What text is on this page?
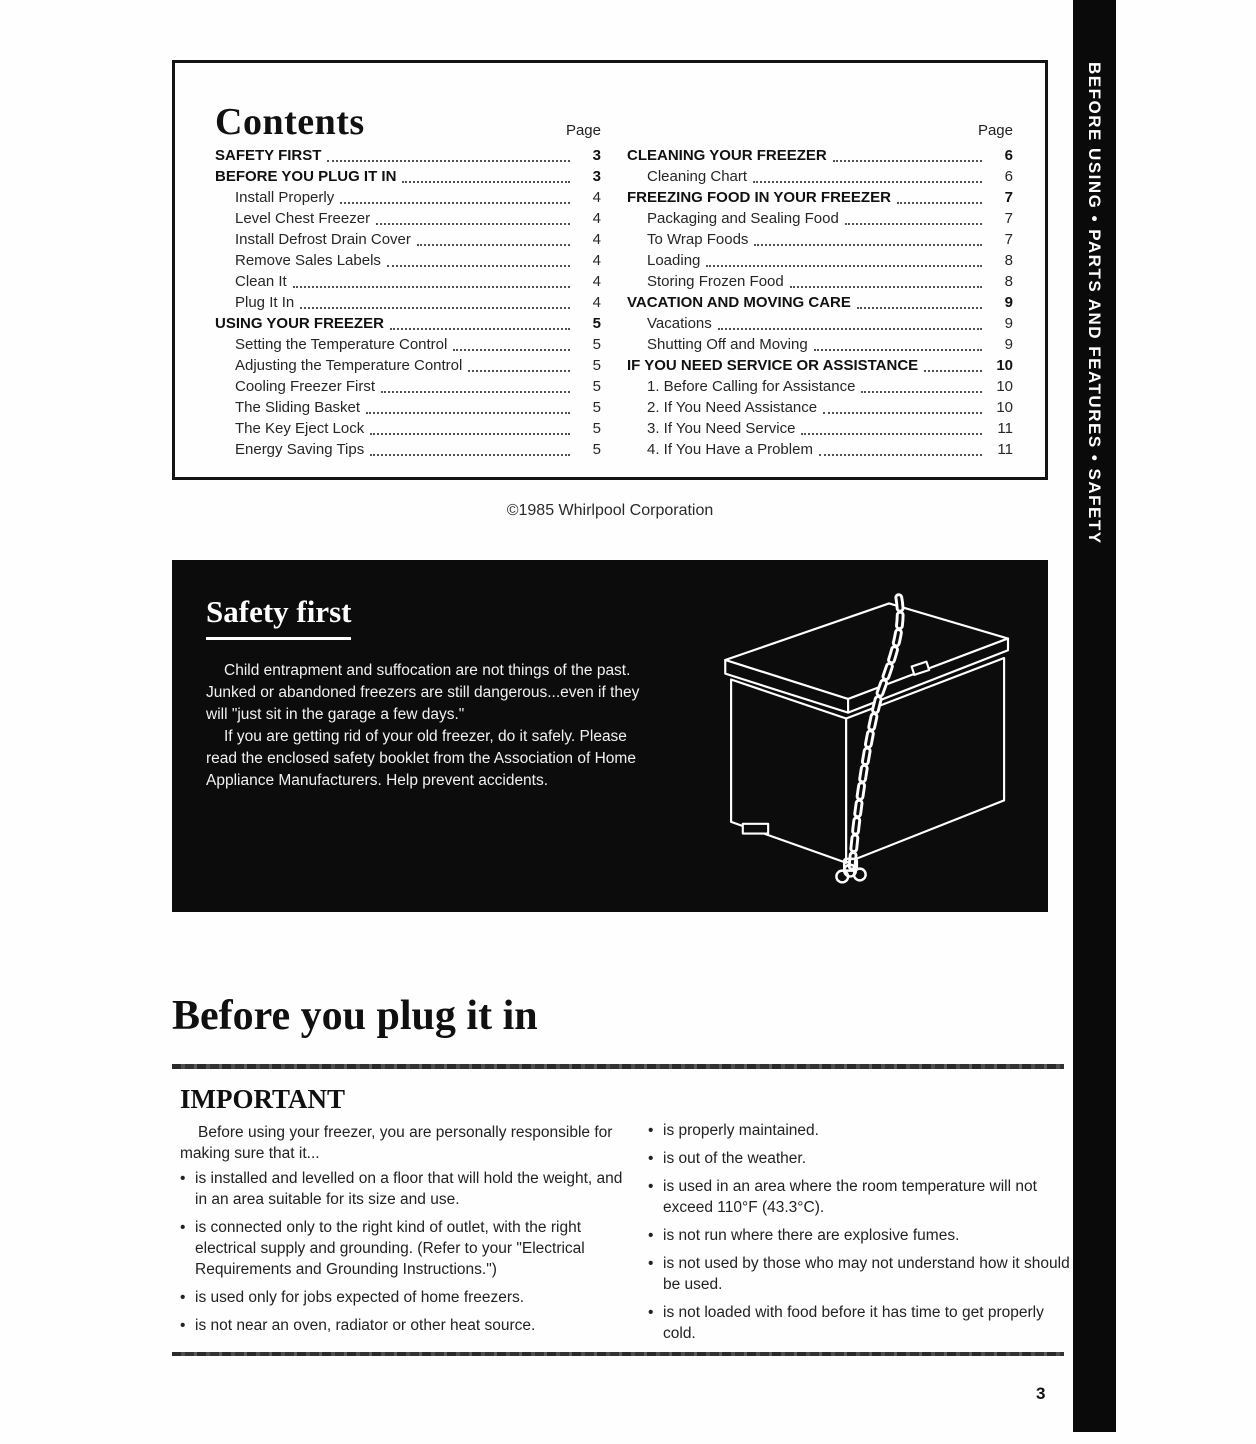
BEFORE USING • PARTS AND FEATURES • SAFETY
Contents	Page
SAFETY FIRST	3
BEFORE YOU PLUG IT IN	3
Install Properly	4
Level Chest Freezer	4
Install Defrost Drain Cover	4
Remove Sales Labels	4
Clean It	4
Plug It In	4
USING YOUR FREEZER	5
Setting the Temperature Control	5
Adjusting the Temperature Control	5
Cooling Freezer First	5
The Sliding Basket	5
The Key Eject Lock	5
Energy Saving Tips	5
Page
CLEANING YOUR FREEZER	6
Cleaning Chart	6
FREEZING FOOD IN YOUR FREEZER	7
Packaging and Sealing Food	7
To Wrap Foods	7
Loading	8
Storing Frozen Food	8
VACATION AND MOVING CARE	9
Vacations	9
Shutting Off and Moving	9
IF YOU NEED SERVICE OR ASSISTANCE	10
1. Before Calling for Assistance	10
2. If You Need Assistance	10
3. If You Need Service	11
4. If You Have a Problem	11
©1985 Whirlpool Corporation
Safety first

Child entrapment and suffocation are not things of the past. Junked or abandoned freezers are still dangerous...even if they will "just sit in the garage a few days."

If you are getting rid of your old freezer, do it safely. Please read the enclosed safety booklet from the Association of Home Appliance Manufacturers. Help prevent accidents.

Before you plug it in
IMPORTANT

Before using your freezer, you are personally responsible for making sure that it...

• is installed and levelled on a floor that will hold the weight, and in an area suitable for its size and use.
• is connected only to the right kind of outlet, with the right electrical supply and grounding. (Refer to your "Electrical Requirements and Grounding Instructions.")
• is used only for jobs expected of home freezers.
• is not near an oven, radiator or other heat source.
• is properly maintained.
• is out of the weather.
• is used in an area where the room temperature will not exceed 110°F (43.3°C).
• is not run where there are explosive fumes.
• is not used by those who may not understand how it should be used.
• is not loaded with food before it has time to get properly cold.
3
